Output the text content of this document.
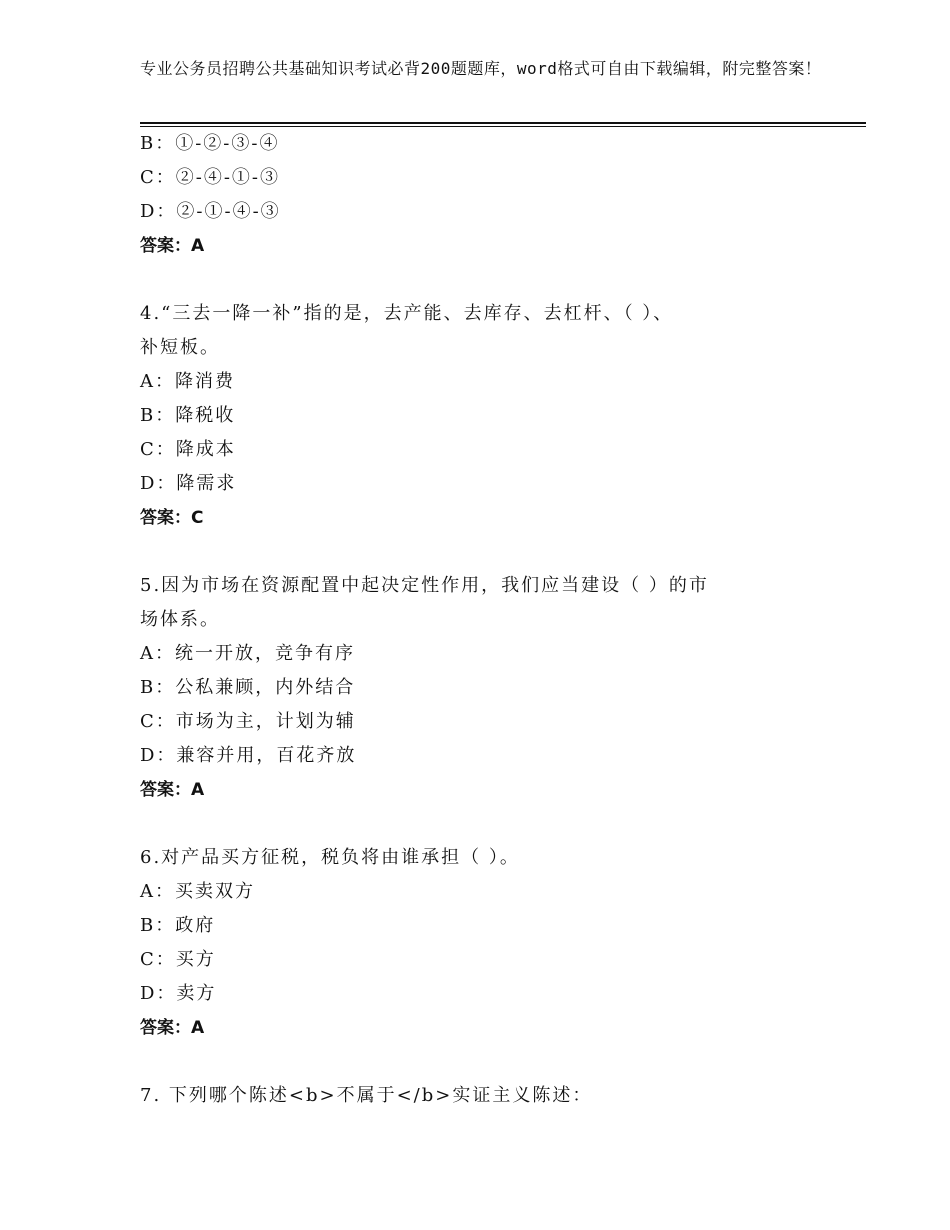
专业公务员招聘公共基础知识考试必背200题题库，word格式可自由下载编辑，附完整答案！
B：①-②-③-④
C：②-④-①-③
D：②-①-④-③
答案：A
4.“三去一降一补”指的是，去产能、去库存、去杠杆、（ ）、
补短板。
A：降消费
B：降税收
C：降成本
D：降需求
答案：C
5.因为市场在资源配置中起决定性作用，我们应当建设（ ）的市
场体系。
A：统一开放，竞争有序
B：公私兼顾，内外结合
C：市场为主，计划为辅
D：兼容并用，百花齐放
答案：A
6.对产品买方征税，税负将由谁承担（ ）。
A：买卖双方
B：政府
C：买方
D：卖方
答案：A
7. 下列哪个陈述<b>不属于</b>实证主义陈述：
